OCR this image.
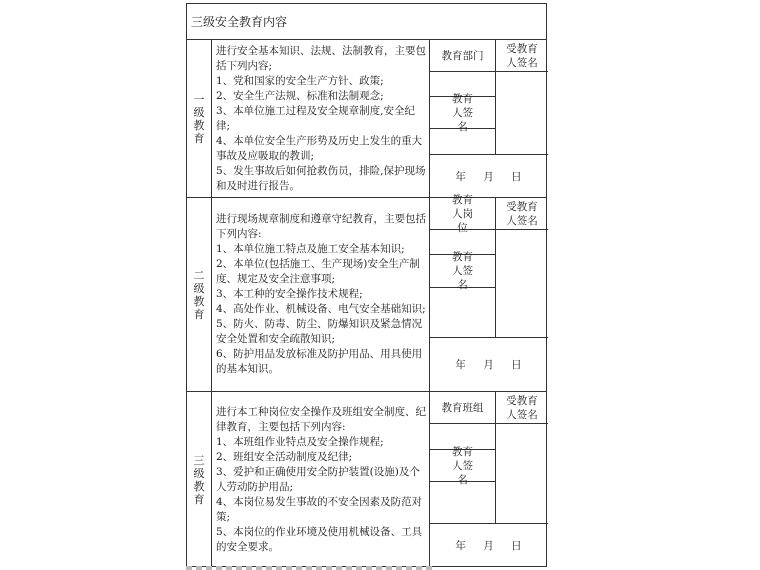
三级安全教育内容
一级教育
进行安全基本知识、法规、法制教育，主要包括下列内容;
1、党和国家的安全生产方针、政策;
2、安全生产法规、标准和法制观念;
3、本单位施工过程及安全规章制度,安全纪律;
4、本单位安全生产形势及历史上发生的重大事故及应吸取的教训;
5、发生事故后如何抢救伤员，排险,保护现场和及时进行报告。
教育部门
受教育人签名
教育人签名
年 月 日
二级教育
进行现场规章制度和遵章守纪教育，主要包括下列内容:
1、本单位施工特点及施工安全基本知识;
2、本单位(包括施工、生产现场)安全生产制度、规定及安全注意事项;
3、本工种的安全操作技术规程;
4、高处作业、机械设备、电气安全基础知识;
5、防火、防毒、防尘、防爆知识及紧急情况安全处置和安全疏散知识;
6、防护用品发放标准及防护用品、用具使用的基本知识。
教育人岗位
受教育人签名
教育人签名
年 月 日
三级教育
进行本工种岗位安全操作及班组安全制度、纪律教育，主要包括下列内容:
1、本班组作业特点及安全操作规程;
2、班组安全活动制度及纪律;
3、爱护和正确使用安全防护装置(设施)及个人劳动防护用品;
4、本岗位易发生事故的不安全因素及防范对策;
5、本岗位的作业环境及使用机械设备、工具的安全要求。
教育班组
受教育人签名
教育人签名
年 月 日
